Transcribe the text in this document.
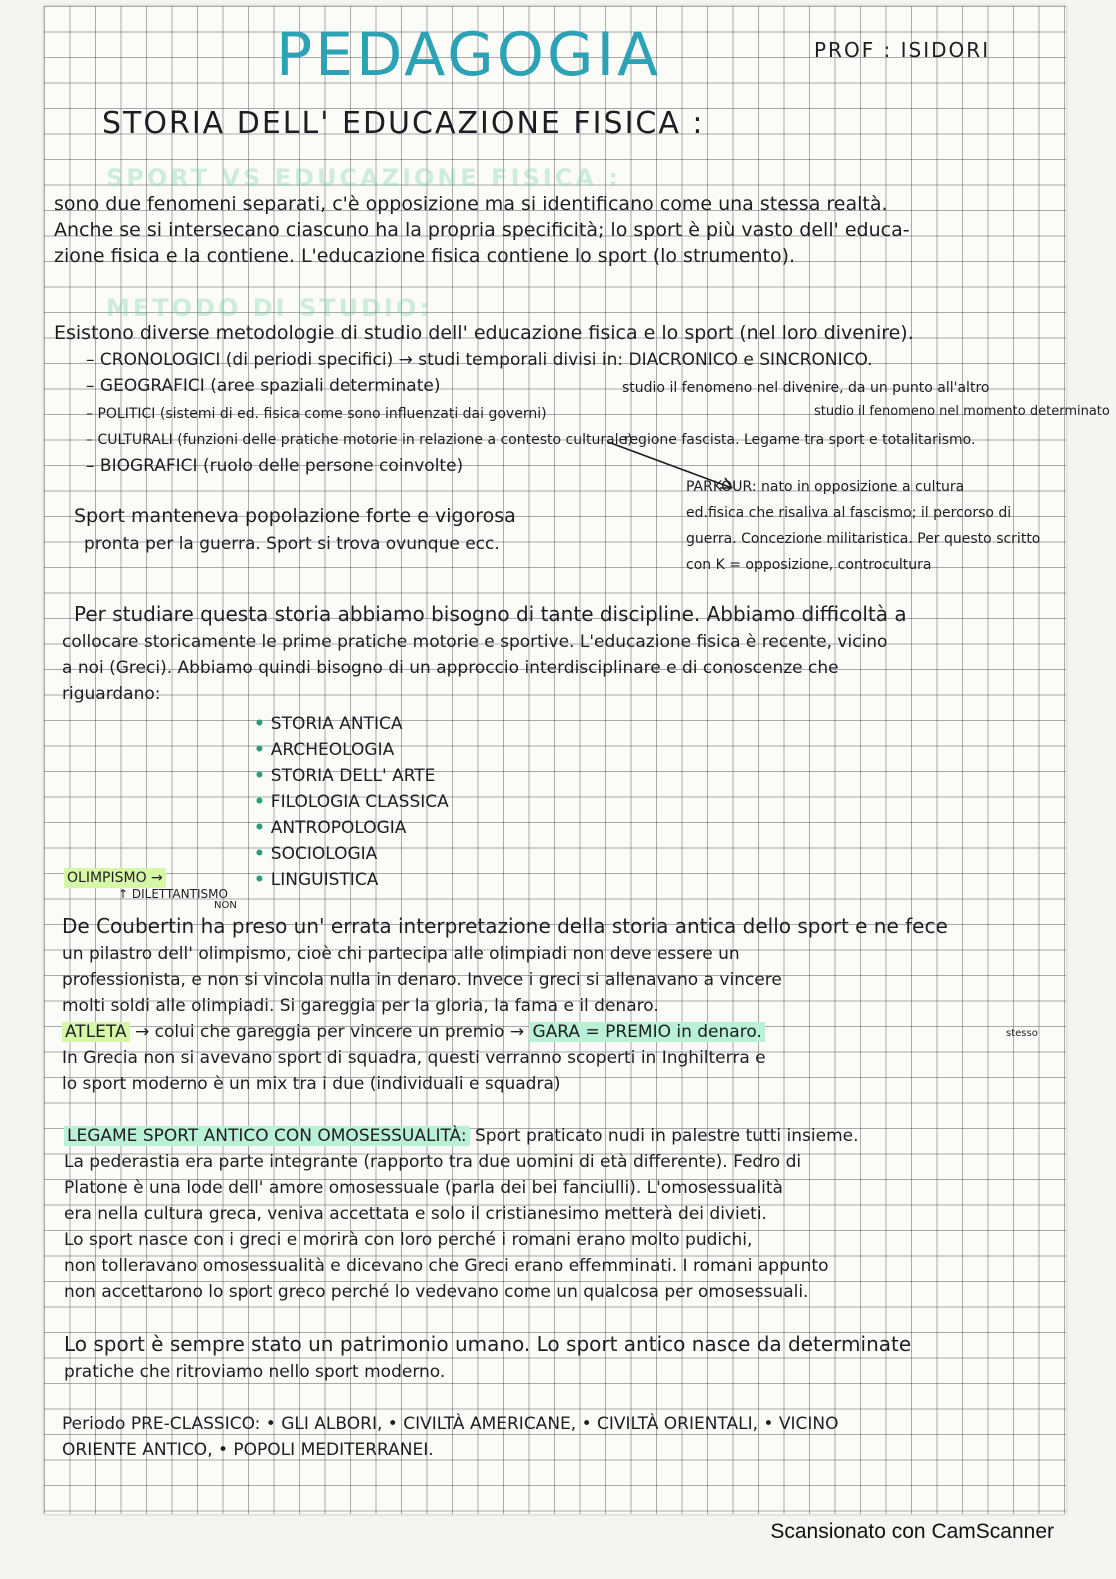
PEDAGOGIA	PROF : ISIDORI
STORIA DELL' EDUCAZIONE FISICA :
SPORT VS EDUCAZIONE FISICA :
sono due fenomeni separati, c'è opposizione ma si identificano come una stessa realtà.
Anche se si intersecano ciascuno ha la propria specificità; lo sport è più vasto dell' educa-
zione fisica e la contiene. L'educazione fisica contiene lo sport (lo strumento).
METODO DI STUDIO:
Esistono diverse metodologie di studio dell' educazione fisica e lo sport (nel loro divenire).
– CRONOLOGICI (di periodi specifici) → studi temporali divisi in: DIACRONICO e SINCRONICO.
– GEOGRAFICI (aree spaziali determinate)
– POLITICI (sistemi di ed. fisica come sono influenzati dai governi)
– CULTURALI (funzioni delle pratiche motorie in relazione a contesto culturale)
– BIOGRAFICI (ruolo delle persone coinvolte)
studio il fenomeno nel divenire, da un punto all'altro
studio il fenomeno nel momento determinato
regione fascista. Legame tra sport e totalitarismo.
Sport manteneva popolazione forte e vigorosa
pronta per la guerra. Sport si trova ovunque ecc.
PARKOUR: nato in opposizione a cultura
ed.fisica che risaliva al fascismo; il percorso di
guerra. Concezione militaristica. Per questo scritto
con K = opposizione, controcultura
Per studiare questa storia abbiamo bisogno di tante discipline. Abbiamo difficoltà a
collocare storicamente le prime pratiche motorie e sportive. L'educazione fisica è recente, vicino
a noi (Greci). Abbiamo quindi bisogno di un approccio interdisciplinare e di conoscenze che
riguardano:
• STORIA ANTICA
• ARCHEOLOGIA
• STORIA DELL' ARTE
• FILOLOGIA CLASSICA
• ANTROPOLOGIA
• SOCIOLOGIA
• LINGUISTICA
OLIMPISMO →
↑ DILETTANTISMO
NON
De Coubertin ha preso un' errata interpretazione della storia antica dello sport e ne fece
un pilastro dell' olimpismo, cioè chi partecipa alle olimpiadi non deve essere un
professionista, e non si vincola nulla in denaro. Invece i greci si allenavano a vincere
molti soldi alle olimpiadi. Si gareggia per la gloria, la fama e il denaro.
ATLETA → colui che gareggia per vincere un premio → GARA = PREMIO in denaro.	stesso
In Grecia non si avevano sport di squadra, questi verranno scoperti in Inghilterra e
lo sport moderno è un mix tra i due (individuali e squadra)
LEGAME SPORT ANTICO CON OMOSESSUALITÀ: Sport praticato nudi in palestre tutti insieme.
La pederastia era parte integrante (rapporto tra due uomini di età differente). Fedro di
Platone è una lode dell' amore omosessuale (parla dei bei fanciulli). L'omosessualità
era nella cultura greca, veniva accettata e solo il cristianesimo metterà dei divieti.
Lo sport nasce con i greci e morirà con loro perché i romani erano molto pudichi,
non tolleravano omosessualità e dicevano che Greci erano effemminati. I romani appunto
non accettarono lo sport greco perché lo vedevano come un qualcosa per omosessuali.
Lo sport è sempre stato un patrimonio umano. Lo sport antico nasce da determinate
pratiche che ritroviamo nello sport moderno.
Periodo PRE-CLASSICO: • GLI ALBORI, • CIVILTÀ AMERICANE, • CIVILTÀ ORIENTALI, • VICINO
ORIENTE ANTICO, • POPOLI MEDITERRANEI.
Scansionato con CamScanner
